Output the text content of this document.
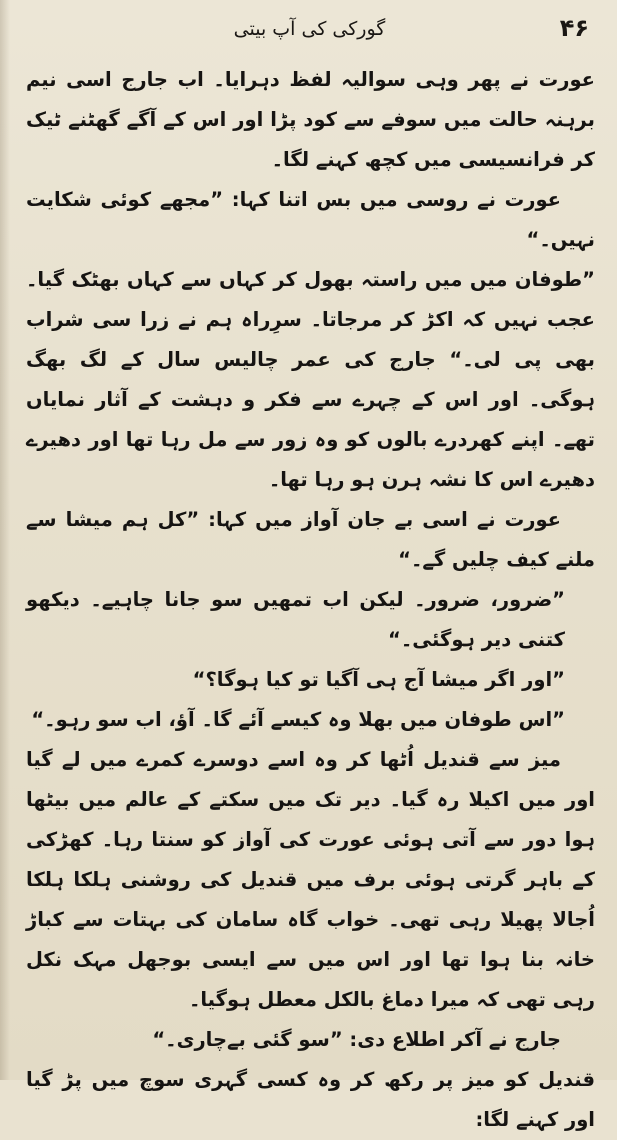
۴۶
گورکی کی آپ بیتی

عورت نے پھر وہی سوالیہ لفظ دہرایا۔ اب جارج اسی نیم برہنہ حالت میں سوفے سے کود پڑا اور اس کے آگے گھٹنے ٹیک کر فرانسیسی میں کچھ کہنے لگا۔

عورت نے روسی میں بس اتنا کہا: ”مجھے کوئی شکایت نہیں۔“

”طوفان میں میں راستہ بھول کر کہاں سے کہاں بھٹک گیا۔ عجب نہیں کہ اکڑ کر مرجاتا۔ سرِراہ ہم نے زرا سی شراب بھی پی لی۔“ جارج کی عمر چالیس سال کے لگ بھگ ہوگی۔ اور اس کے چہرے سے فکر و دہشت کے آثار نمایاں تھے۔ اپنے کھردرے بالوں کو وہ زور سے مل رہا تھا اور دھیرے دھیرے اس کا نشہ ہرن ہو رہا تھا۔

عورت نے اسی بے جان آواز میں کہا: ”کل ہم میشا سے ملنے کیف چلیں گے۔“

”ضرور، ضرور۔ لیکن اب تمھیں سو جانا چاہیے۔ دیکھو کتنی دیر ہوگئی۔“

”اور اگر میشا آج ہی آگیا تو کیا ہوگا؟“

”اس طوفان میں بھلا وہ کیسے آئے گا۔ آؤ، اب سو رہو۔“

میز سے قندیل اُٹھا کر وہ اسے دوسرے کمرے میں لے گیا اور میں اکیلا رہ گیا۔ دیر تک میں سکتے کے عالم میں بیٹھا ہوا دور سے آتی ہوئی عورت کی آواز کو سنتا رہا۔ کھڑکی کے باہر گرتی ہوئی برف میں قندیل کی روشنی ہلکا ہلکا اُجالا پھیلا رہی تھی۔ خواب گاہ سامان کی بہتات سے کباڑ خانہ بنا ہوا تھا اور اس میں سے ایسی بوجھل مہک نکل رہی تھی کہ میرا دماغ بالکل معطل ہوگیا۔

جارج نے آکر اطلاع دی: ”سو گئی بےچاری۔“

قندیل کو میز پر رکھ کر وہ کسی گہری سوچ میں پڑ گیا اور کہنے لگا:
